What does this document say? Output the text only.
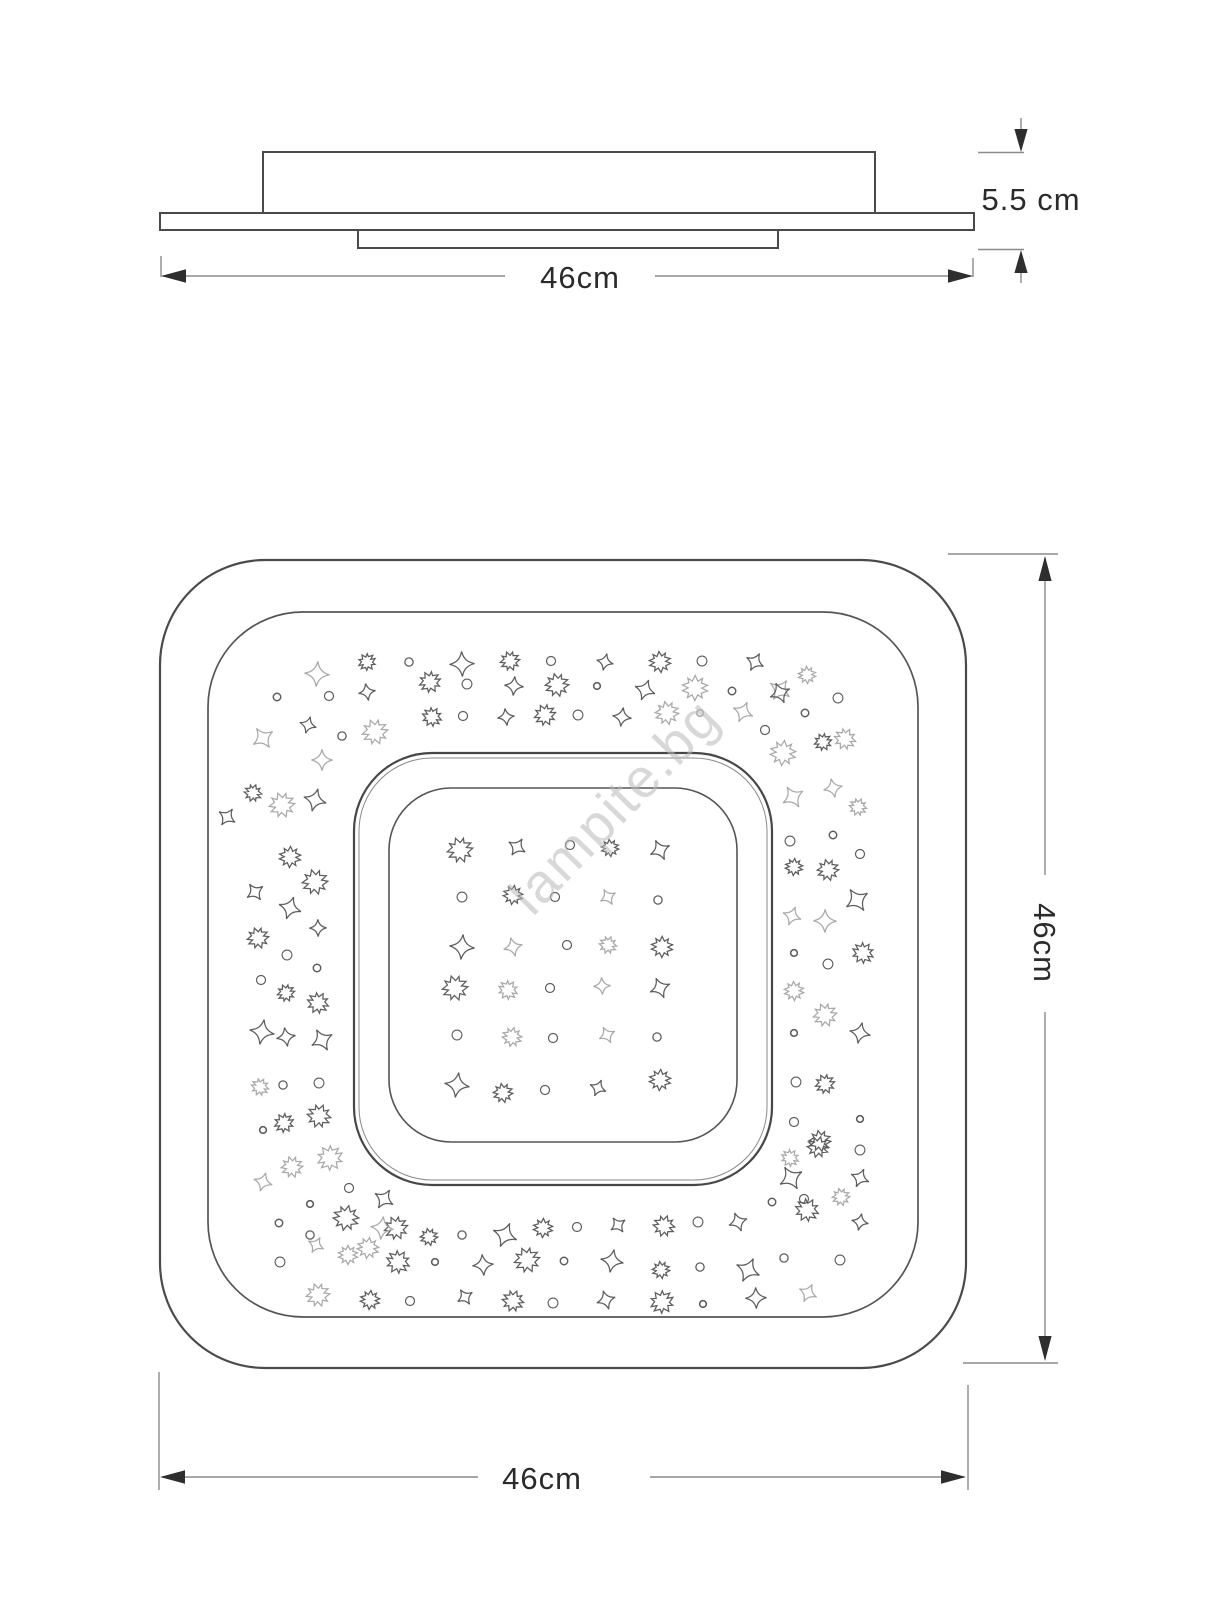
46cm
5.5 cm
46cm
46cm
lampite.bg
